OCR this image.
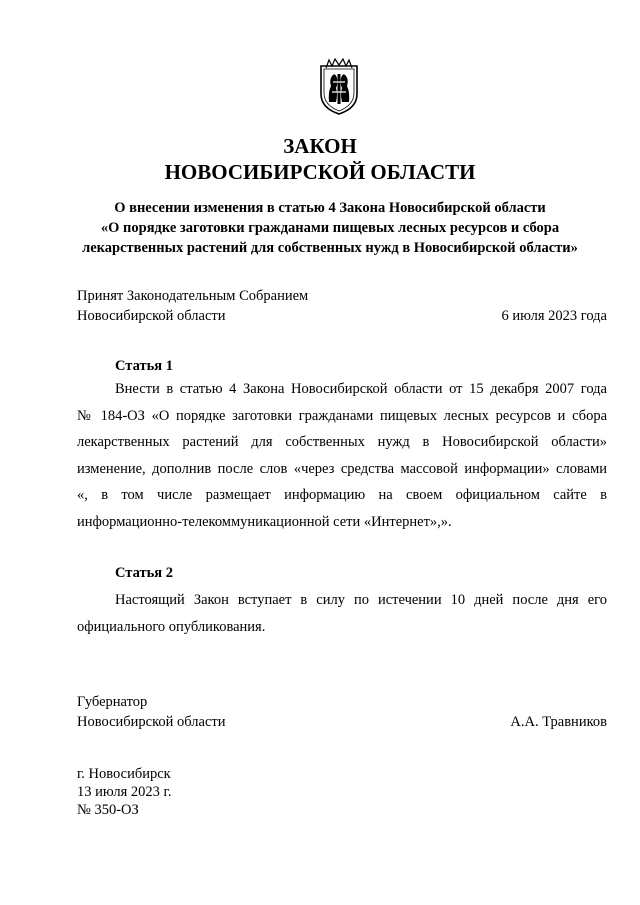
ЗАКОН
НОВОСИБИРСКОЙ ОБЛАСТИ
О внесении изменения в статью 4 Закона Новосибирской области
«О порядке заготовки гражданами пищевых лесных ресурсов и сбора
лекарственных растений для собственных нужд в Новосибирской области»
Принят Законодательным Собранием
Новосибирской области	6 июля 2023 года
Статья 1
Внести в статью 4 Закона Новосибирской области от 15 декабря 2007 года
№ 184-ОЗ «О порядке заготовки гражданами пищевых лесных ресурсов и сбора
лекарственных растений для собственных нужд в Новосибирской области»
изменение, дополнив после слов «через средства массовой информации» словами
«, в том числе размещает информацию на своем официальном сайте в
информационно-телекоммуникационной сети «Интернет»,».
Статья 2
Настоящий Закон вступает в силу по истечении 10 дней после дня его
официального опубликования.
Губернатор
Новосибирской области	А.А. Травников
г. Новосибирск
13 июля 2023 г.
№ 350-ОЗ
